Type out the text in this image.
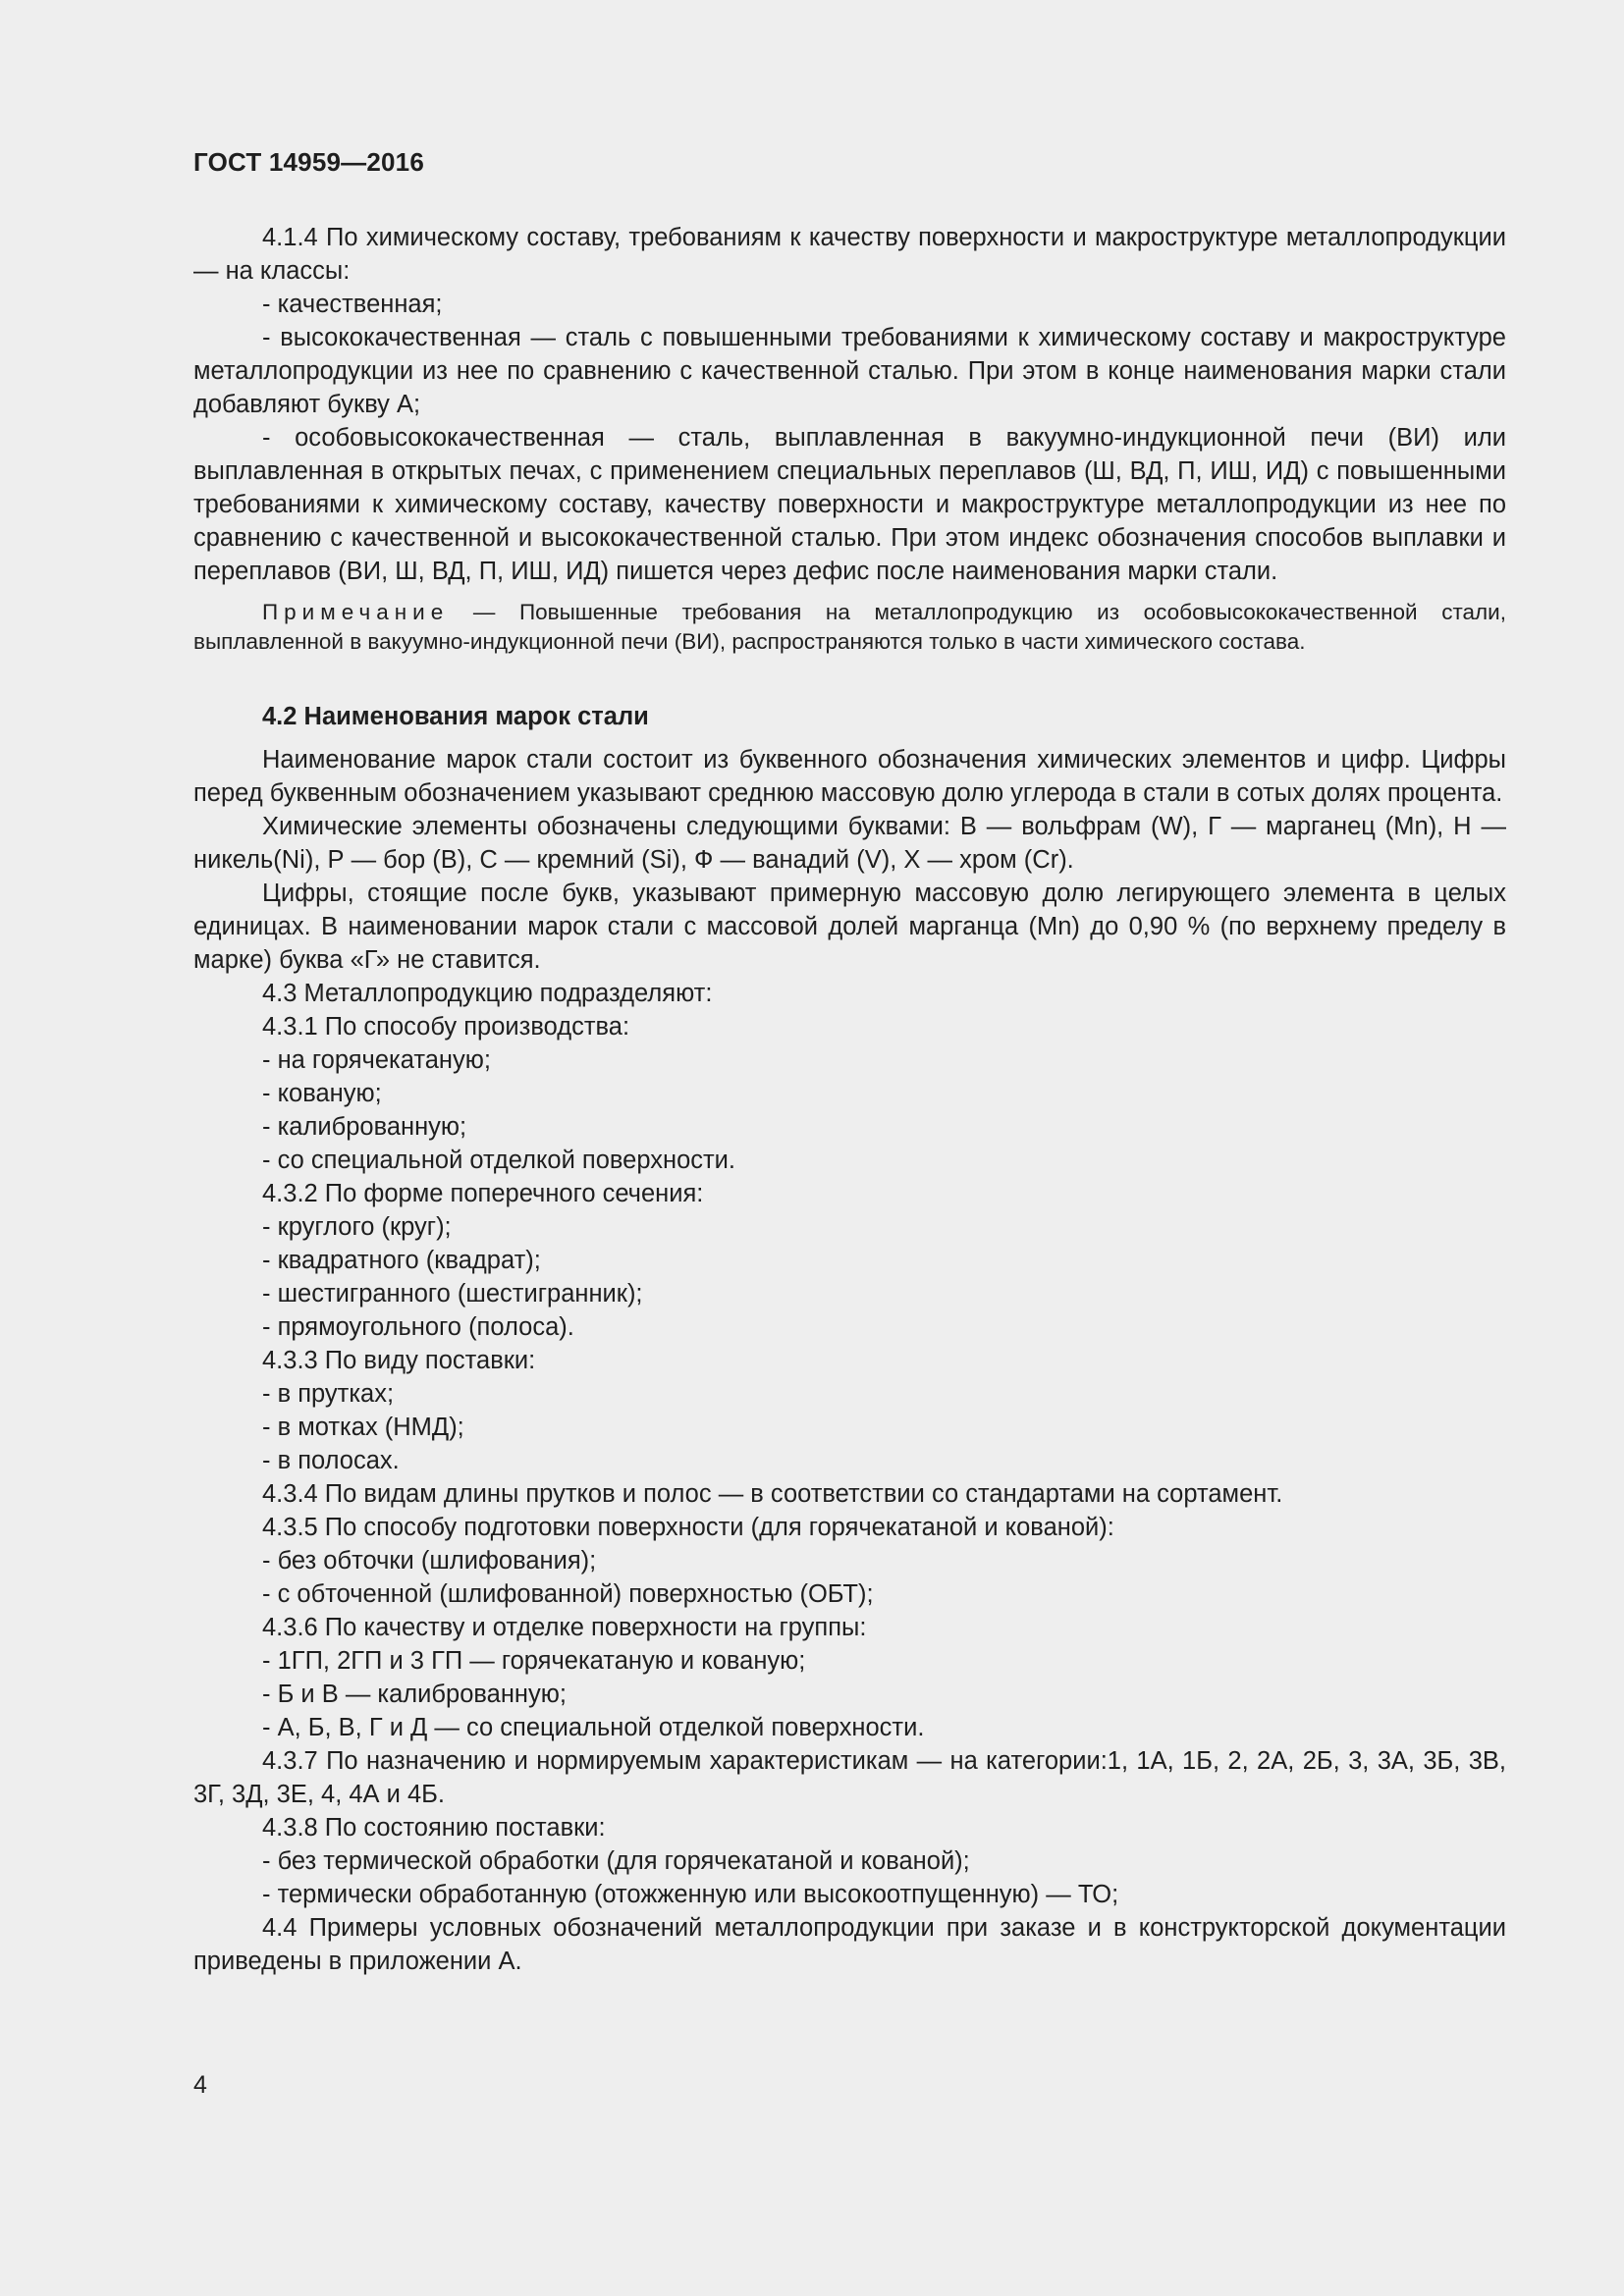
ГОСТ 14959—2016

4.1.4 По химическому составу, требованиям к качеству поверхности и макроструктуре металлопродукции — на классы:

- качественная;

- высококачественная — сталь с повышенными требованиями к химическому составу и макроструктуре металлопродукции из нее по сравнению с качественной сталью. При этом в конце наименования марки стали добавляют букву А;

- особовысококачественная — сталь, выплавленная в вакуумно-индукционной печи (ВИ) или выплавленная в открытых печах, с применением специальных переплавов (Ш, ВД, П, ИШ, ИД) с повышенными требованиями к химическому составу, качеству поверхности и макроструктуре металлопродукции из нее по сравнению с качественной и высококачественной сталью. При этом индекс обозначения способов выплавки и переплавов (ВИ, Ш, ВД, П, ИШ, ИД) пишется через дефис после наименования марки стали.

Примечание — Повышенные требования на металлопродукцию из особовысококачественной стали, выплавленной в вакуумно-индукционной печи (ВИ), распространяются только в части химического состава.

4.2 Наименования марок стали

Наименование марок стали состоит из буквенного обозначения химических элементов и цифр. Цифры перед буквенным обозначением указывают среднюю массовую долю углерода в стали в сотых долях процента.

Химические элементы обозначены следующими буквами: В — вольфрам (W), Г — марганец (Mn), Н — никель(Ni), Р — бор (B), С — кремний (Si), Ф — ванадий (V), Х — хром (Cr).

Цифры, стоящие после букв, указывают примерную массовую долю легирующего элемента в целых единицах. В наименовании марок стали с массовой долей марганца (Mn) до 0,90 % (по верхнему пределу в марке) буква «Г» не ставится.

4.3 Металлопродукцию подразделяют:

4.3.1 По способу производства:

- на горячекатаную;

- кованую;

- калиброванную;

- со специальной отделкой поверхности.

4.3.2 По форме поперечного сечения:

- круглого (круг);

- квадратного (квадрат);

- шестигранного (шестигранник);

- прямоугольного (полоса).

4.3.3 По виду поставки:

- в прутках;

- в мотках (НМД);

- в полосах.

4.3.4 По видам длины прутков и полос — в соответствии со стандартами на сортамент.

4.3.5 По способу подготовки поверхности (для горячекатаной и кованой):

- без обточки (шлифования);

- с обточенной (шлифованной) поверхностью (ОБТ);

4.3.6 По качеству и отделке поверхности на группы:

- 1ГП, 2ГП и 3 ГП — горячекатаную и кованую;

- Б и В — калиброванную;

- А, Б, В, Г и Д — со специальной отделкой поверхности.

4.3.7 По назначению и нормируемым характеристикам — на категории:1, 1А, 1Б, 2, 2А, 2Б, 3, 3А, 3Б, 3В, 3Г, 3Д, 3Е, 4, 4А и 4Б.

4.3.8 По состоянию поставки:

- без термической обработки (для горячекатаной и кованой);

- термически обработанную (отожженную или высокоотпущенную) — ТО;

4.4 Примеры условных обозначений металлопродукции при заказе и в конструкторской документации приведены в приложении А.

4
